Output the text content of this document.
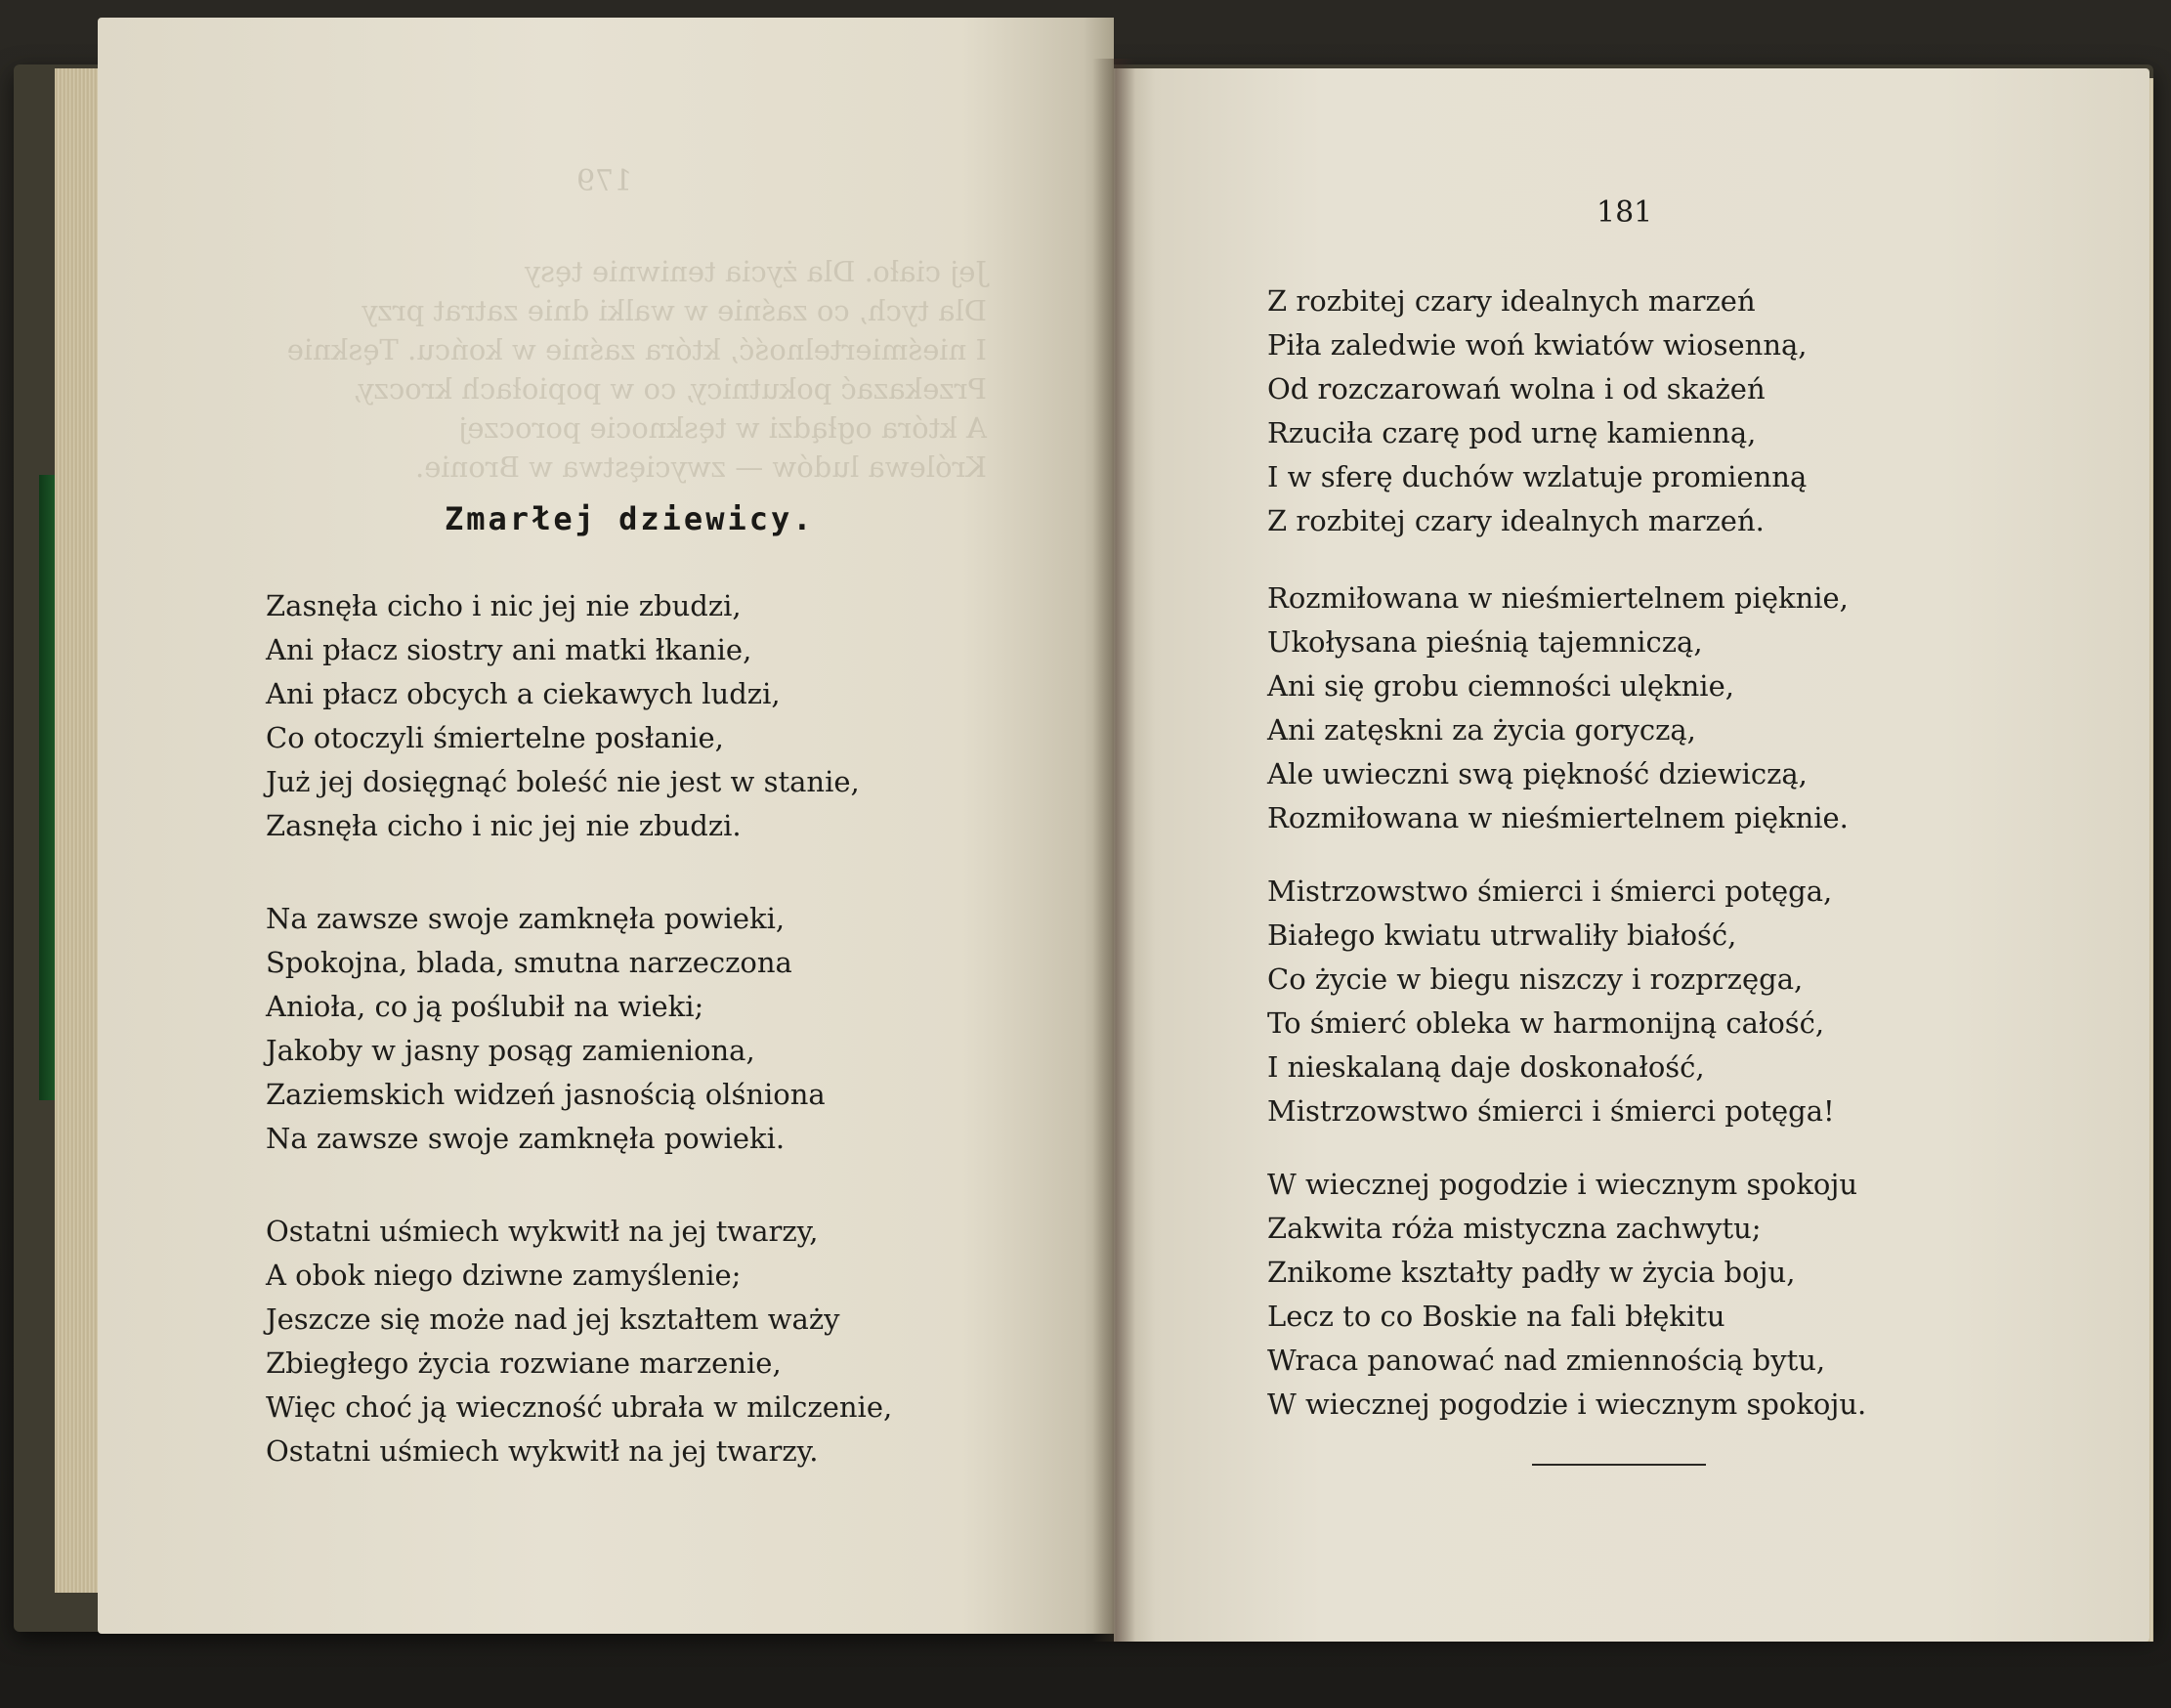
179
Jej ciało. Dla życia teniwnie tęsy
Dla tych, co zaśnie w walki dnie zatrat przy
I nieśmiertelność, która zaśnie w końcu. Tęsknie
Przekazać pokutnicy, co w popiołach kroczy,
A która ogłądzi w tęsknocie poroczej
Królewa ludów — zwycięstwa w Bronie.
Zmarłej dziewicy.
Zasnęła cicho i nic jej nie zbudzi,
Ani płacz siostry ani matki łkanie,
Ani płacz obcych a ciekawych ludzi,
Co otoczyli śmiertelne posłanie,
Już jej dosięgnąć boleść nie jest w stanie,
Zasnęła cicho i nic jej nie zbudzi.
Na zawsze swoje zamknęła powieki,
Spokojna, blada, smutna narzeczona
Anioła, co ją poślubił na wieki;
Jakoby w jasny posąg zamieniona,
Zaziemskich widzeń jasnością olśniona
Na zawsze swoje zamknęła powieki.
Ostatni uśmiech wykwitł na jej twarzy,
A obok niego dziwne zamyślenie;
Jeszcze się może nad jej kształtem waży
Zbiegłego życia rozwiane marzenie,
Więc choć ją wieczność ubrała w milczenie,
Ostatni uśmiech wykwitł na jej twarzy.
181
Z rozbitej czary idealnych marzeń
Piła zaledwie woń kwiatów wiosenną,
Od rozczarowań wolna i od skażeń
Rzuciła czarę pod urnę kamienną,
I w sferę duchów wzlatuje promienną
Z rozbitej czary idealnych marzeń.
Rozmiłowana w nieśmiertelnem pięknie,
Ukołysana pieśnią tajemniczą,
Ani się grobu ciemności ulęknie,
Ani zatęskni za życia goryczą,
Ale uwieczni swą piękność dziewiczą,
Rozmiłowana w nieśmiertelnem pięknie.
Mistrzowstwo śmierci i śmierci potęga,
Białego kwiatu utrwaliły białość,
Co życie w biegu niszczy i rozprzęga,
To śmierć obleka w harmonijną całość,
I nieskalaną daje doskonałość,
Mistrzowstwo śmierci i śmierci potęga!
W wiecznej pogodzie i wiecznym spokoju
Zakwita róża mistyczna zachwytu;
Znikome kształty padły w życia boju,
Lecz to co Boskie na fali błękitu
Wraca panować nad zmiennością bytu,
W wiecznej pogodzie i wiecznym spokoju.
